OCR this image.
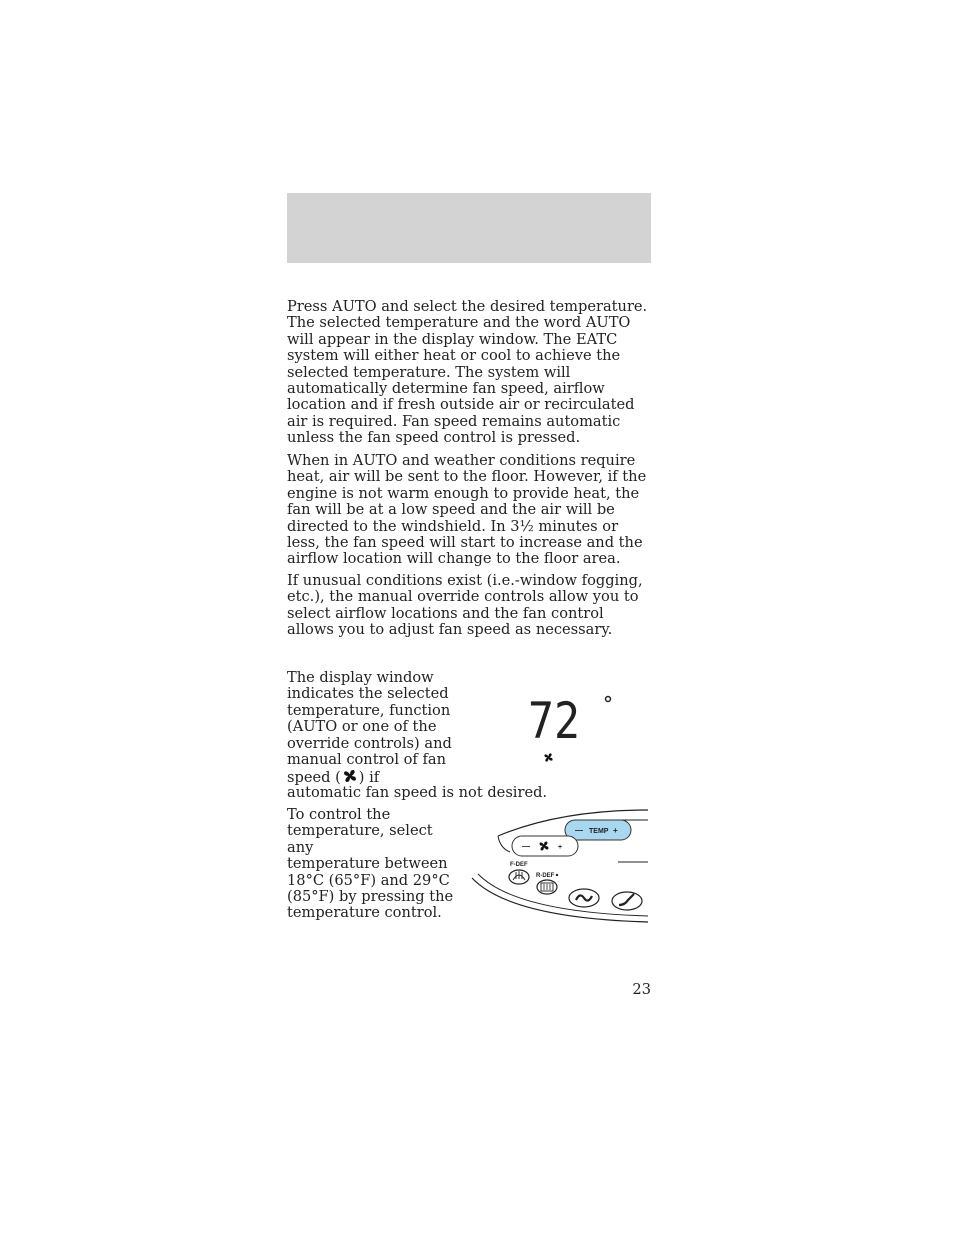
Press AUTO and select the desired temperature. The selected temperature and the word AUTO will appear in the display window. The EATC system will either heat or cool to achieve the selected temperature. The system will automatically determine fan speed, airflow location and if fresh outside air or recirculated air is required. Fan speed remains automatic unless the fan speed control is pressed.

When in AUTO and weather conditions require heat, air will be sent to the floor. However, if the engine is not warm enough to provide heat, the fan will be at a low speed and the air will be directed to the windshield. In 3½ minutes or less, the fan speed will start to increase and the airflow location will change to the floor area.

If unusual conditions exist (i.e.-window fogging, etc.), the manual override controls allow you to select airflow locations and the fan control allows you to adjust fan speed as necessary.

The display window
indicates the selected
temperature, function
(AUTO or one of the
override controls) and
manual control of fan
speed ( ) if
automatic fan speed is not desired.
72
To control the
temperature, select any
temperature between
18°C (65°F) and 29°C
(85°F) by pressing the
temperature control.
— TEMP +
—	+
F-DEF
R-DEF
23
